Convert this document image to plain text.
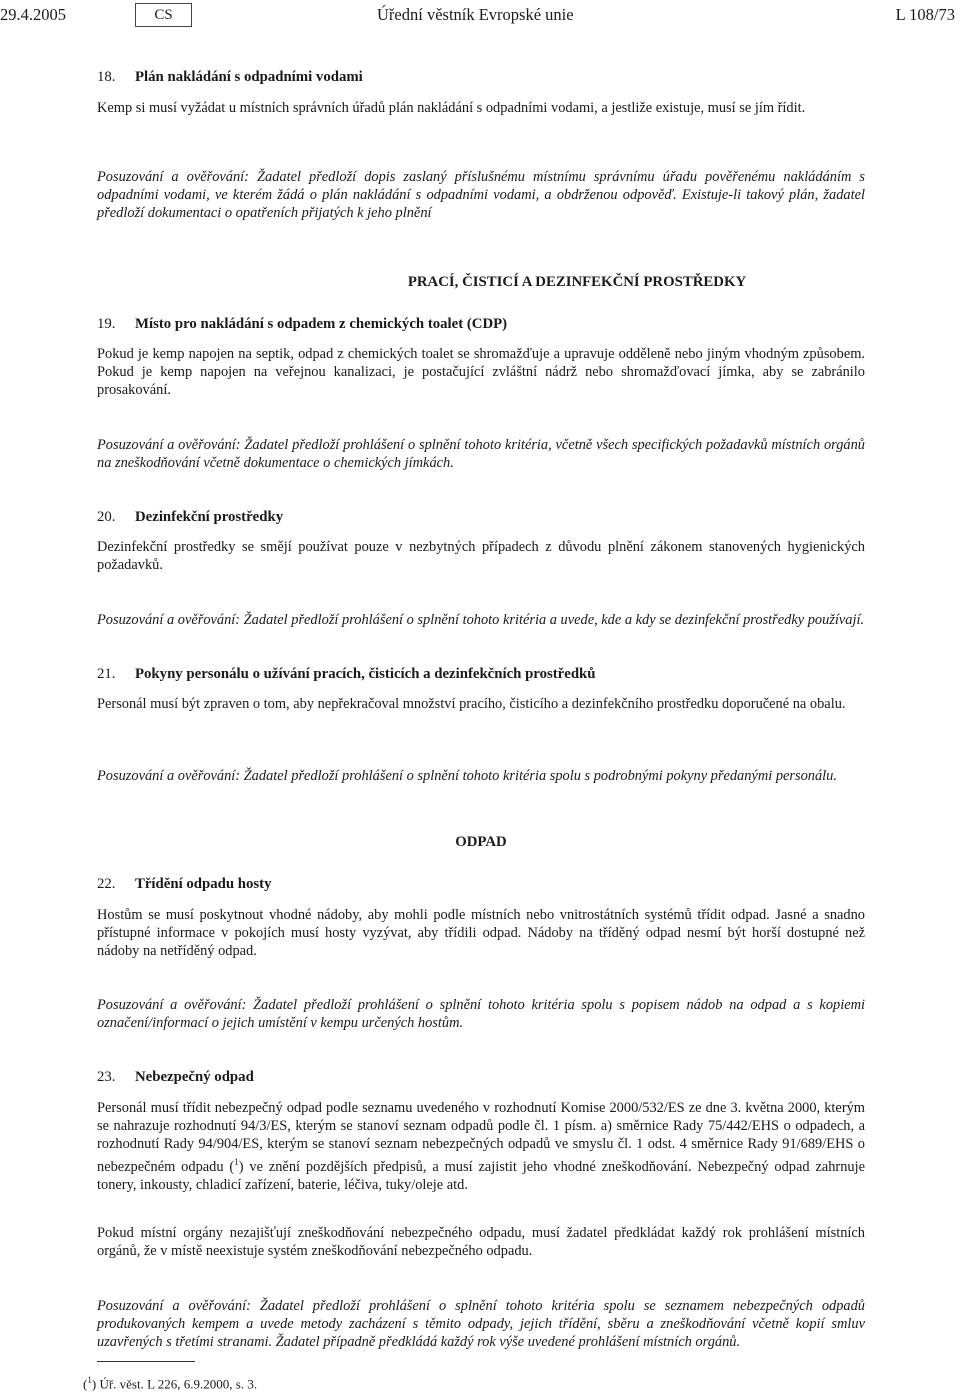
29.4.2005	CS	Úřední věstník Evropské unie	L 108/73
18. Plán nakládání s odpadními vodami
Kemp si musí vyžádat u místních správních úřadů plán nakládání s odpadními vodami, a jestliže existuje, musí se jím řídit.
Posuzování a ověřování: Žadatel předloží dopis zaslaný příslušnému místnímu správnímu úřadu pověřenému nakládáním s odpadními vodami, ve kterém žádá o plán nakládání s odpadními vodami, a obdrženou odpověď. Existuje-li takový plán, žadatel předloží dokumentaci o opatřeních přijatých k jeho plnění
PRACÍ, ČISTICÍ A DEZINFEKČNÍ PROSTŘEDKY
19. Místo pro nakládání s odpadem z chemických toalet (CDP)
Pokud je kemp napojen na septik, odpad z chemických toalet se shromažďuje a upravuje odděleně nebo jiným vhodným způsobem. Pokud je kemp napojen na veřejnou kanalizaci, je postačující zvláštní nádrž nebo shromažďovací jímka, aby se zabránilo prosakování.
Posuzování a ověřování: Žadatel předloží prohlášení o splnění tohoto kritéria, včetně všech specifických požadavků místních orgánů na zneškodňování včetně dokumentace o chemických jímkách.
20. Dezinfekční prostředky
Dezinfekční prostředky se smějí používat pouze v nezbytných případech z důvodu plnění zákonem stanovených hygienických požadavků.
Posuzování a ověřování: Žadatel předloží prohlášení o splnění tohoto kritéria a uvede, kde a kdy se dezinfekční prostředky používají.
21. Pokyny personálu o užívání pracích, čisticích a dezinfekčních prostředků
Personál musí být zpraven o tom, aby nepřekračoval množství pracího, čisticího a dezinfekčního prostředku doporučené na obalu.
Posuzování a ověřování: Žadatel předloží prohlášení o splnění tohoto kritéria spolu s podrobnými pokyny předanými personálu.
ODPAD
22. Třídění odpadu hosty
Hostům se musí poskytnout vhodné nádoby, aby mohli podle místních nebo vnitrostátních systémů třídit odpad. Jasné a snadno přístupné informace v pokojích musí hosty vyzývat, aby třídili odpad. Nádoby na tříděný odpad nesmí být horší dostupné než nádoby na netříděný odpad.
Posuzování a ověřování: Žadatel předloží prohlášení o splnění tohoto kritéria spolu s popisem nádob na odpad a s kopiemi označení/informací o jejich umístění v kempu určených hostům.
23. Nebezpečný odpad
Personál musí třídit nebezpečný odpad podle seznamu uvedeného v rozhodnutí Komise 2000/532/ES ze dne 3. května 2000, kterým se nahrazuje rozhodnutí 94/3/ES, kterým se stanoví seznam odpadů podle čl. 1 písm. a) směrnice Rady 75/442/EHS o odpadech, a rozhodnutí Rady 94/904/ES, kterým se stanoví seznam nebezpečných odpadů ve smyslu čl. 1 odst. 4 směrnice Rady 91/689/EHS o nebezpečném odpadu ($^1$) ve znění pozdějších předpisů, a musí zajistit jeho vhodné zneškodňování. Nebezpečný odpad zahrnuje tonery, inkousty, chladicí zařízení, baterie, léčiva, tuky/oleje atd.
Pokud místní orgány nezajišťují zneškodňování nebezpečného odpadu, musí žadatel předkládat každý rok prohlášení místních orgánů, že v místě neexistuje systém zneškodňování nebezpečného odpadu.
Posuzování a ověřování: Žadatel předloží prohlášení o splnění tohoto kritéria spolu se seznamem nebezpečných odpadů produkovaných kempem a uvede metody zacházení s těmito odpady, jejich třídění, sběru a zneškodňování včetně kopií smluv uzavřených s třetími stranami. Žadatel případně předkládá každý rok výše uvedené prohlášení místních orgánů.
($^1$) Úř. věst. L 226, 6.9.2000, s. 3.
